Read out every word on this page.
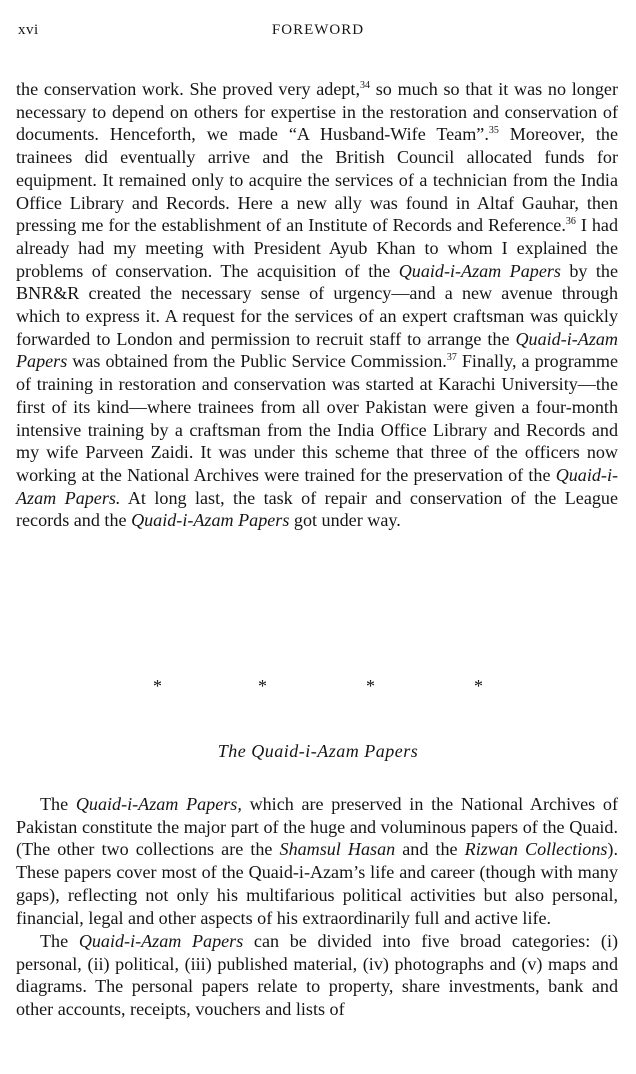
xvi	FOREWORD

the conservation work. She proved very adept,$^{34}$ so much so that it was no longer necessary to depend on others for expertise in the restoration and conservation of documents. Henceforth, we made “A Husband-Wife Team”.$^{35}$ Moreover, the trainees did eventually arrive and the British Council allocated funds for equipment. It remained only to acquire the services of a technician from the India Office Library and Records. Here a new ally was found in Altaf Gauhar, then pressing me for the establishment of an Institute of Records and Reference.$^{36}$ I had already had my meeting with President Ayub Khan to whom I explained the problems of conservation. The acquisition of the Quaid-i-Azam Papers by the BNR&R created the necessary sense of urgency—and a new avenue through which to express it. A request for the services of an expert craftsman was quickly forwarded to London and permission to recruit staff to arrange the Quaid-i-Azam Papers was obtained from the Public Service Commission.$^{37}$ Finally, a programme of training in restoration and conservation was started at Karachi University—the first of its kind—where trainees from all over Pakistan were given a four-month intensive training by a craftsman from the India Office Library and Records and my wife Parveen Zaidi. It was under this scheme that three of the officers now working at the National Archives were trained for the preservation of the Quaid-i-Azam Papers. At long last, the task of repair and conservation of the League records and the Quaid-i-Azam Papers got under way.

*	*	*	*
The Quaid-i-Azam Papers

The Quaid-i-Azam Papers, which are preserved in the National Archives of Pakistan constitute the major part of the huge and voluminous papers of the Quaid. (The other two collections are the Shamsul Hasan and the Rizwan Collections). These papers cover most of the Quaid-i-Azam’s life and career (though with many gaps), reflecting not only his multifarious political activities but also personal, financial, legal and other aspects of his extraordinarily full and active life.

The Quaid-i-Azam Papers can be divided into five broad categories: (i) personal, (ii) political, (iii) published material, (iv) photographs and (v) maps and diagrams. The personal papers relate to property, share investments, bank and other accounts, receipts, vouchers and lists of
